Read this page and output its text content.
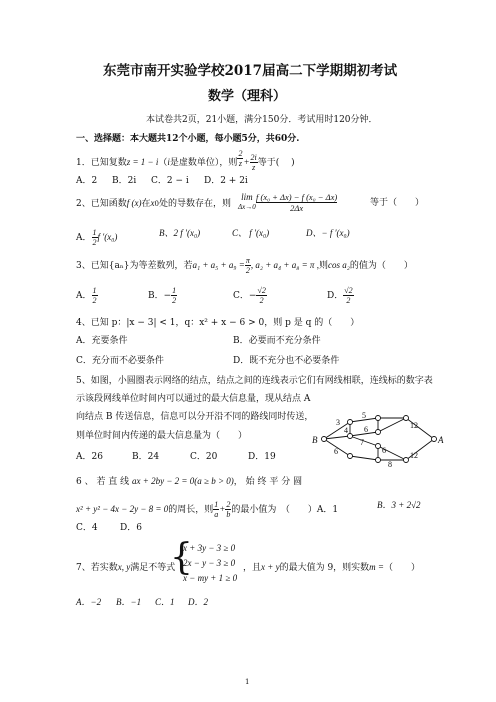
东莞市南开实验学校2017届高二下学期期初考试
数学（理科）
本试卷共2页，21小题，满分150分．考试用时120分钟．
一、选择题：本大题共12个小题，每小题5分，共60分.
1．已知复数z = 1 − i（i是虚数单位），则 $\frac{2}{z} + \frac{2i}{z}$ 等于(　 )
A．2 B．2i C．2 − i D．2 + 2i
2、已知函数f (x)在x0处的导数存在，则
lim
Δx→0
f (x₀ + Δx) − f (x₀ − Δx)
2Δx	等于（　　）
A． $\frac{1}{2}$ f ′(x₀)	B、2 f ′(x₀)	C、 f ′(x₀)	D、− f ′(x₀)
3、已知{aₙ}为等差数列，若$a_1 + a_5 + a_9 = \frac{\pi}{2}$ , a₂ + a₄ + a₈ = π ,则cos a₂的值为（　　）
A． $\frac{1}{2}$	B．− $\frac{1}{2}$	C．− $\frac{√2}{2}$	D． $\frac{√2}{2}$
4、已知 p：|x − 3| < 1，q：x² + x − 6 > 0，则 p 是 q 的（　　）
A．充要条件	B．必要而不充分条件
C．充分而不必要条件	D．既不充分也不必要条件
5、如图，小圆圈表示网络的结点，结点之间的连线表示它们有网线相联，连线标的数字表
示该段网线单位时间内可以通过的最大信息量，现从结点 A
向结点 B 传送信息，信息可以分开沿不同的路线同时传送，
则单位时间内传递的最大信息量为（　　）
A．26	B．24	C．20	D．19
B	A
3
5
4 6	12
7
6	6
8
12
6 、 若 直 线 ax + 2by − 2 = 0(a ≥ b > 0)， 始 终 平 分 圆
x² + y² − 4x − 2y − 8 = 0的周长，则 $\frac{1}{a} + \frac{2}{b}$ 的最小值为　（　　）A．1	B．3 + 2√2
C．4 D．6
7、若实数x, y满足不等式
{
x + 3y − 3 ≥ 0
2x − y − 3 ≥ 0
x − my + 1 ≥ 0
，且x + y的最大值为 9，则实数m =（　　）
A．−2 B．−1 C．1 D．2
1
